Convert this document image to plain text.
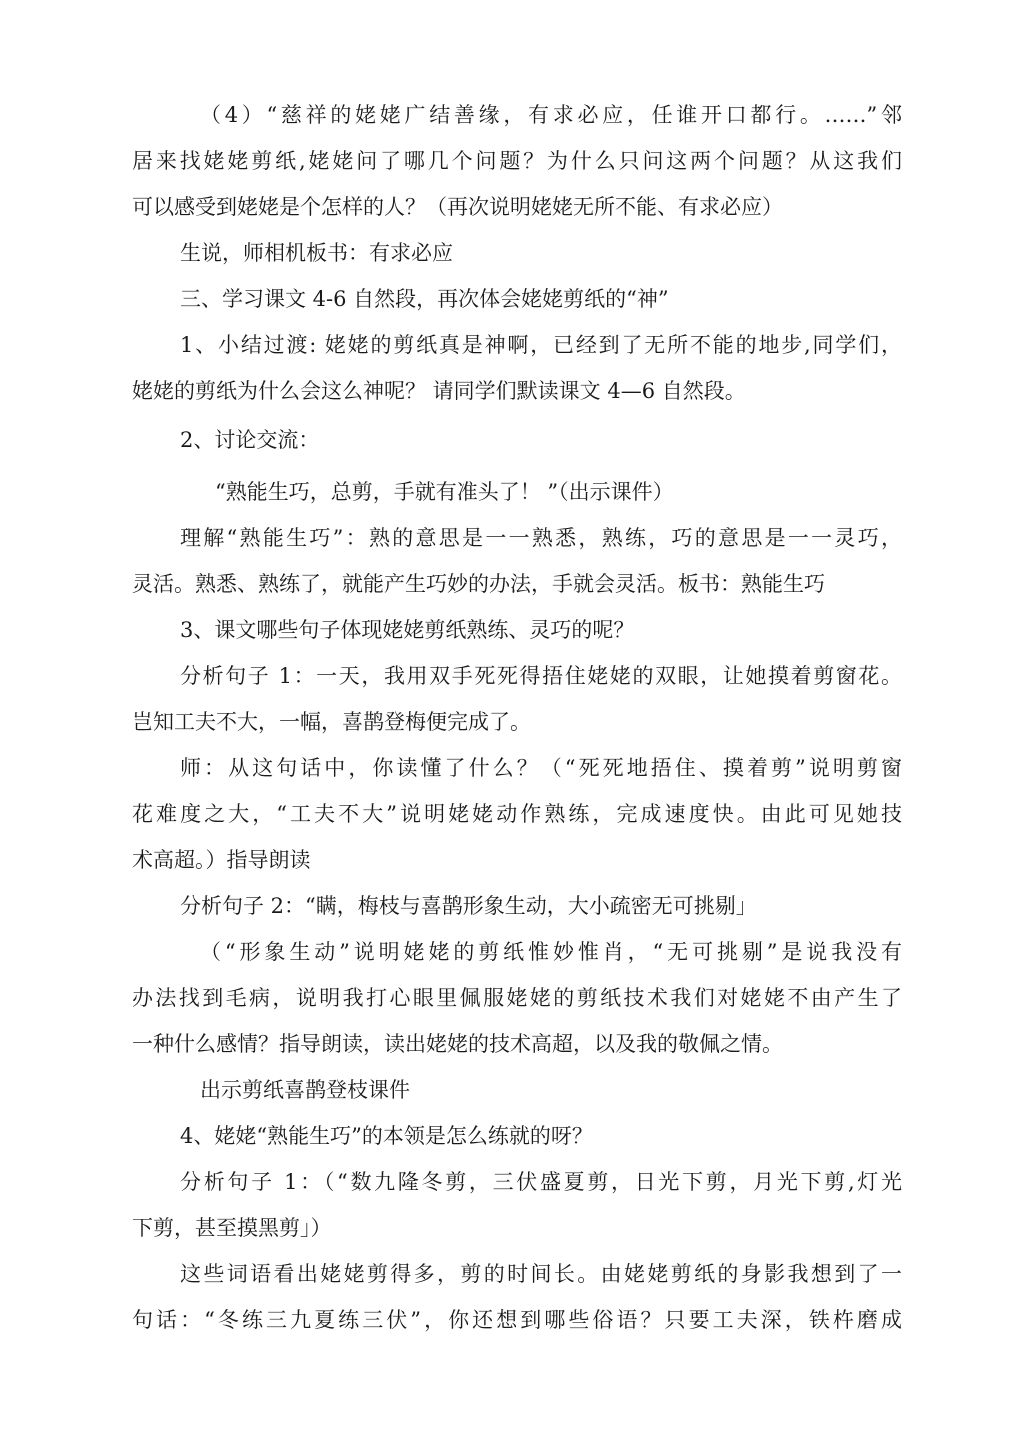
（4）“慈祥的姥姥广结善缘，有求必应，任谁开口都行。……”邻
居来找姥姥剪纸,姥姥问了哪几个问题？为什么只问这两个问题？从这我们
可以感受到姥姥是个怎样的人？（再次说明姥姥无所不能、有求必应）
生说，师相机板书：有求必应
三、学习课文 4-6 自然段，再次体会姥姥剪纸的“神”
1、小结过渡: 姥姥的剪纸真是神啊，已经到了无所不能的地步,同学们，
姥姥的剪纸为什么会这么神呢？ 请同学们默读课文 4—6 自然段。
2、讨论交流：
“熟能生巧，总剪，手就有准头了！ ”（出示课件）
理解“熟能生巧”：熟的意思是一一熟悉，熟练，巧的意思是一一灵巧，
灵活。熟悉、熟练了，就能产生巧妙的办法，手就会灵活。板书：熟能生巧
3、课文哪些句子体现姥姥剪纸熟练、灵巧的呢？
分析句子 1：一天，我用双手死死得捂住姥姥的双眼，让她摸着剪窗花。
岂知工夫不大，一幅，喜鹊登梅便完成了。
师：从这句话中，你读懂了什么？（“死死地捂住、摸着剪”说明剪窗
花难度之大，“工夫不大”说明姥姥动作熟练，完成速度快。由此可见她技
术高超。）指导朗读
分析句子 2：“瞒，梅枝与喜鹊形象生动，大小疏密无可挑剔」
（“形象生动”说明姥姥的剪纸惟妙惟肖，“无可挑剔”是说我没有
办法找到毛病，说明我打心眼里佩服姥姥的剪纸技术我们对姥姥不由产生了
一种什么感情？指导朗读，读出姥姥的技术高超，以及我的敬佩之情。
出示剪纸喜鹊登枝课件
4、姥姥“熟能生巧”的本领是怎么练就的呀？
分析句子 1：（“数九隆冬剪，三伏盛夏剪，日光下剪，月光下剪,灯光
下剪，甚至摸黑剪」）
这些词语看出姥姥剪得多，剪的时间长。由姥姥剪纸的身影我想到了一
句话：“冬练三九夏练三伏”，你还想到哪些俗语？只要工夫深，铁杵磨成
